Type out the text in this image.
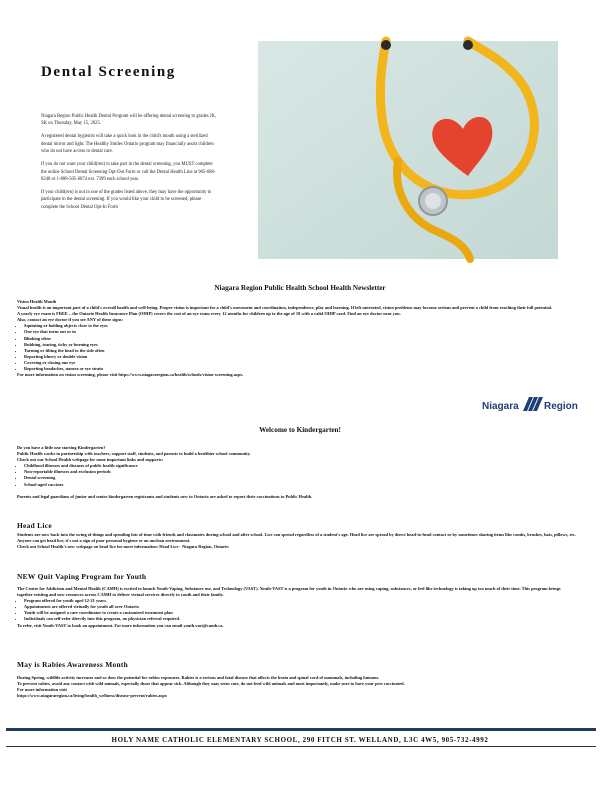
Dental Screening

Niagara Region Public Health Dental Program will be offering dental screening to grades JK, SK on Thursday, May 15, 2025.

A registered dental hygienist will take a quick look in the child's mouth using a sterilized dental mirror and light. The Healthy Smiles Ontario program may financially assist children who do not have access to dental care.

If you do not want your child(ren) to take part in the dental screening, you MUST complete the online School Dental Screening Opt-Out Form or call the Dental Health Line at 905-688-8248 or 1-888-505-6074 ext. 7399 each school year.

If your child(ren) is not in one of the grades listed above, they may have the opportunity to participate in the dental screening. If you would like your child to be screened, please complete the School Dental Opt-In Form

Niagara Region Public Health School Health Newsletter
Vision Health Month
Visual health is an important part of a child's overall health and well-being. Proper vision is important for a child's movement and coordination, independence, play and learning. If left untreated, vision problems may become serious and prevent a child from reaching their full potential.
A yearly eye exam is FREE – the Ontario Health Insurance Plan (OHIP) covers the cost of an eye exam every 12 months for children up to the age of 19 with a valid OHIP card. Find an eye doctor near you.
Also, contact an eye doctor if you see ANY of these signs:
• Squinting or holding objects close to the eyes
• One eye that turns out or in
• Blinking often
• Rubbing, tearing, itchy or burning eyes
• Turning or tilting the head to the side often
• Reporting blurry or double vision
• Covering or closing one eye
• Reporting headaches, nausea or eye strain
For more information on vision screening, please visit https://www.niagararegion.ca/health/schools/vision-screening.aspx.
Niagara	Region
Welcome to Kindergarten!
Do you have a little one starting Kindergarten?
Public Health works in partnership with teachers, support staff, students, and parents to build a healthier school community.
Check out our School Health webpage for some important links and supports:
• Childhood illnesses and diseases of public health significance
• Non-reportable illnesses and exclusion periods
• Dental screening
• School-aged vaccines
Parents and legal guardians of junior and senior kindergarten registrants and students new to Ontario are asked to report their vaccinations to Public Health.
Head Lice
Students are now back into the swing of things and spending lots of time with friends and classmates during school and after school. Lice can spread regardless of a student's age. Head lice are spread by direct head-to-head contact or by sometimes sharing items like combs, brushes, hats, pillows, etc. Anyone can get head lice, it's not a sign of poor personal hygiene or an unclean environment.
Check out School Health's new webpage on head lice for more information: Head Lice - Niagara Region, Ontario
NEW Quit Vaping Program for Youth
The Centre for Addiction and Mental Health (CAMH) is excited to launch Youth-Vaping, Substance use, and Technology (VAST). Youth-VAST is a program for youth in Ontario who are using vaping, substances, or feel like technology is taking up too much of their time. This program brings together existing and new resources across CAMH to deliver virtual services directly to youth and their family.
• Program offered for youth aged 12-21 years.
• Appointments are offered virtually for youth all over Ontario
• Youth will be assigned a care coordinator to create a customized treatment plan
• Individuals can self-refer directly into this program, no physician referral required.
To refer, visit Youth-VAST to book an appointment. For more information you can email youth.vast@camh.ca.
May is Rabies Awareness Month
During Spring, wildlife activity increases and so does the potential for rabies exposures. Rabies is a serious and fatal disease that affects the brain and spinal cord of mammals, including humans.
To prevent rabies, avoid any contact with wild animals, especially those that appear sick. Although they may seem cute, do not feed wild animals and most importantly, make sure to have your pets vaccinated.
For more information visit
https://www.niagararegion.ca/living/health_wellness/disease-prevent/rabies.aspx
HOLY NAME CATHOLIC ELEMENTARY SCHOOL, 290 FITCH ST. WELLAND, L3C 4W5, 905-732-4992
